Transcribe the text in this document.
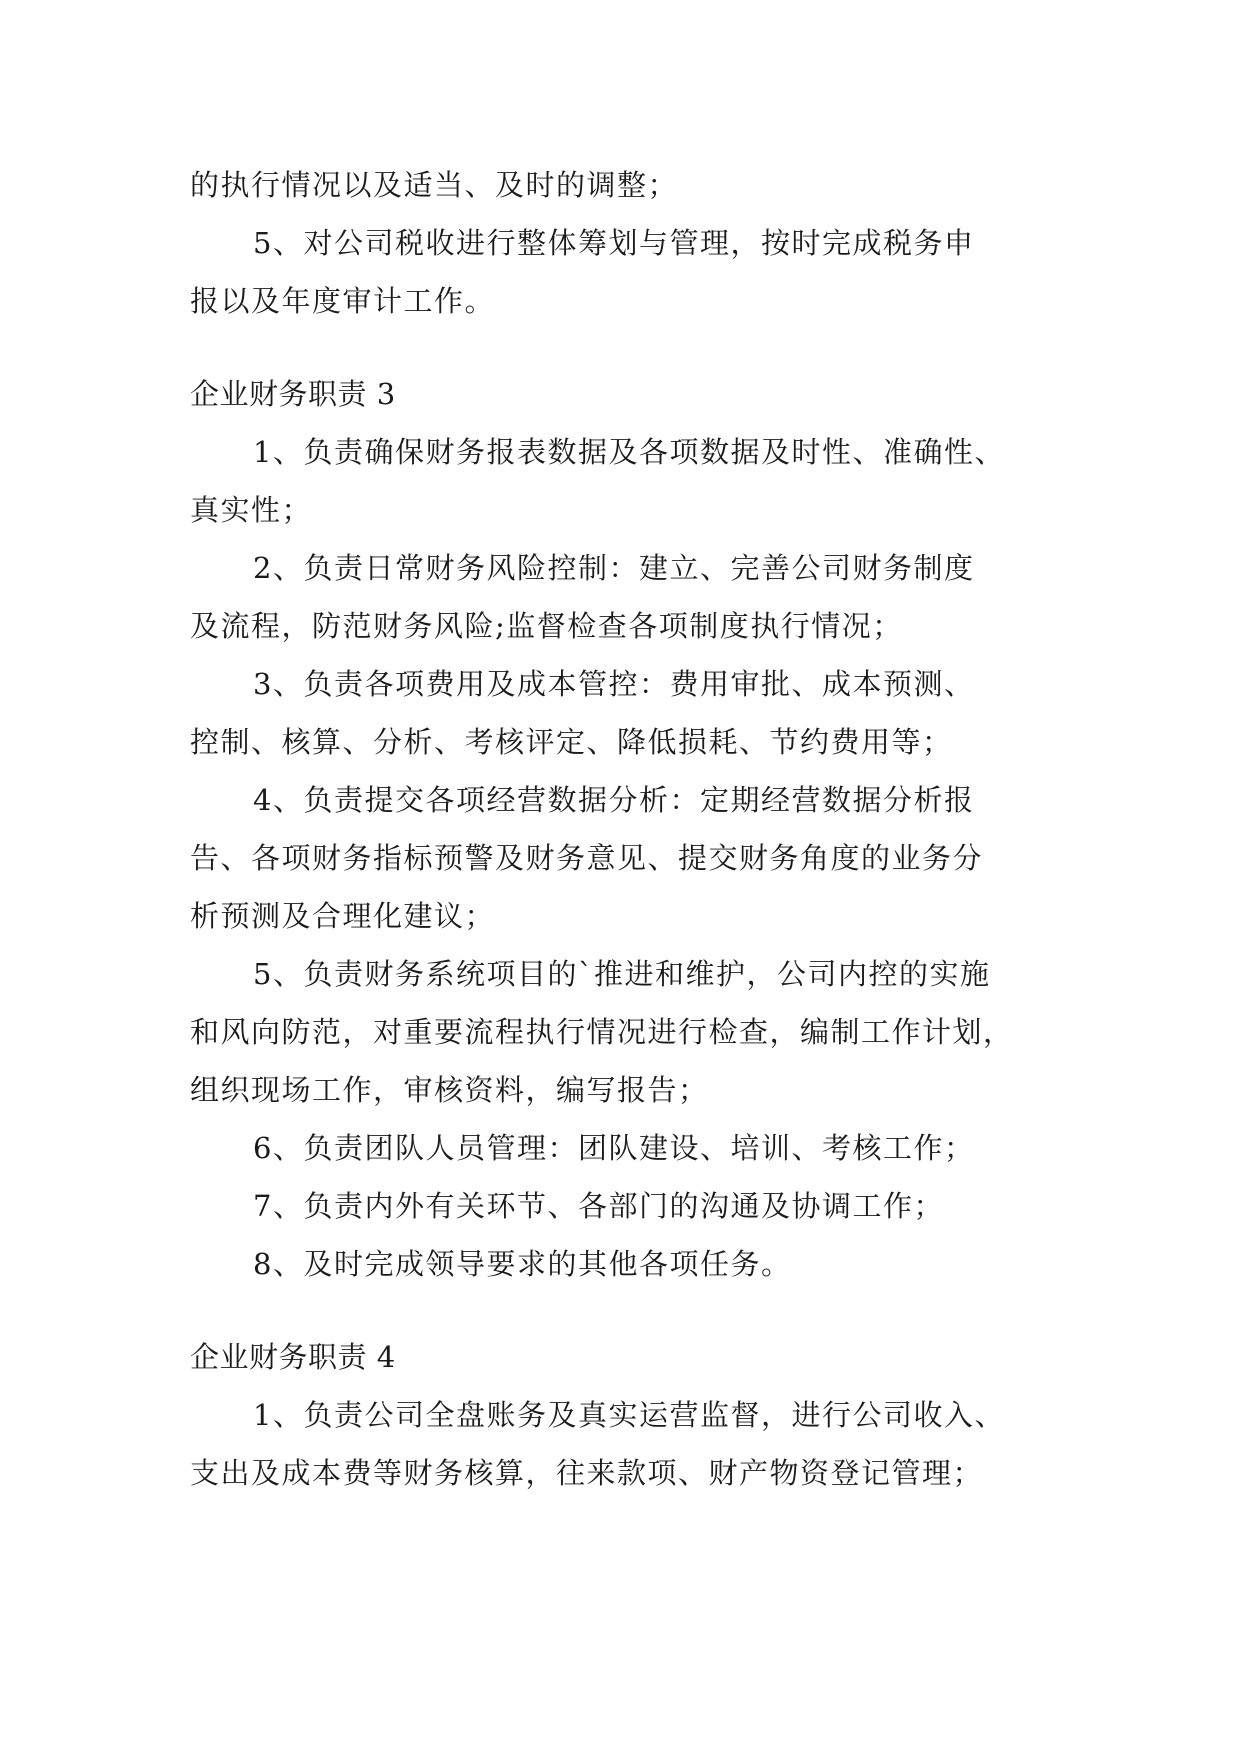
的执行情况以及适当、及时的调整；
5、对公司税收进行整体筹划与管理，按时完成税务申
报以及年度审计工作。
企业财务职责 3
1、负责确保财务报表数据及各项数据及时性、准确性、
真实性；
2、负责日常财务风险控制：建立、完善公司财务制度
及流程，防范财务风险;监督检查各项制度执行情况；
3、负责各项费用及成本管控：费用审批、成本预测、
控制、核算、分析、考核评定、降低损耗、节约费用等；
4、负责提交各项经营数据分析：定期经营数据分析报
告、各项财务指标预警及财务意见、提交财务角度的业务分
析预测及合理化建议；
5、负责财务系统项目的`推进和维护，公司内控的实施
和风向防范，对重要流程执行情况进行检查，编制工作计划，
组织现场工作，审核资料，编写报告；
6、负责团队人员管理：团队建设、培训、考核工作；
7、负责内外有关环节、各部门的沟通及协调工作；
8、及时完成领导要求的其他各项任务。
企业财务职责 4
1、负责公司全盘账务及真实运营监督，进行公司收入、
支出及成本费等财务核算，往来款项、财产物资登记管理；
